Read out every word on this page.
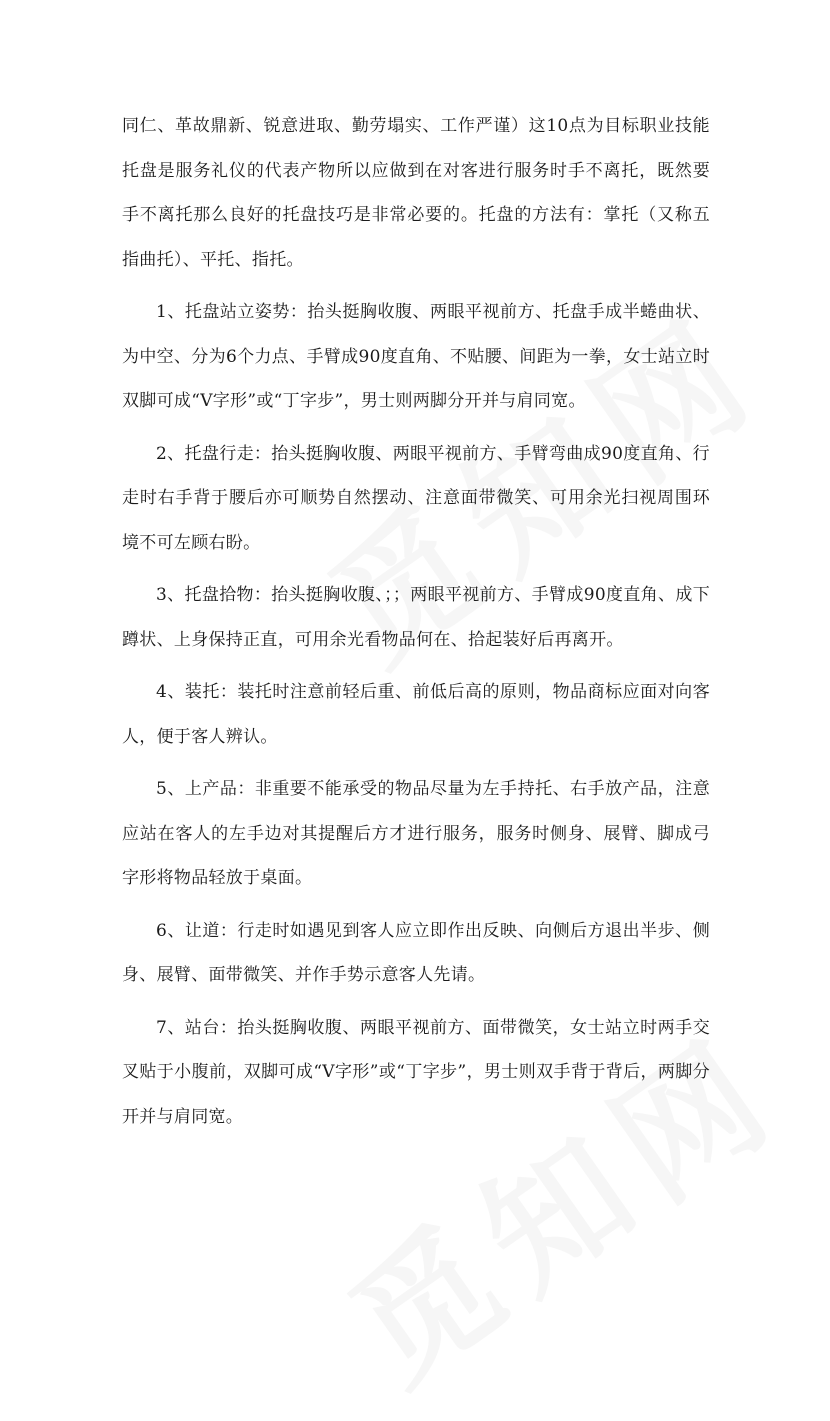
同仁、革故鼎新、锐意进取、勤劳塌实、工作严谨）这10点为目标职业技能托盘是服务礼仪的代表产物所以应做到在对客进行服务时手不离托，既然要手不离托那么良好的托盘技巧是非常必要的。托盘的方法有：掌托（又称五指曲托）、平托、指托。

1、托盘站立姿势：抬头挺胸收腹、两眼平视前方、托盘手成半蜷曲状、为中空、分为6个力点、手臂成90度直角、不贴腰、间距为一拳，女士站立时双脚可成“V字形”或“丁字步”，男士则两脚分开并与肩同宽。

2、托盘行走：抬头挺胸收腹、两眼平视前方、手臂弯曲成90度直角、行走时右手背于腰后亦可顺势自然摆动、注意面带微笑、可用余光扫视周围环境不可左顾右盼。

3、托盘拾物：抬头挺胸收腹、；；两眼平视前方、手臂成90度直角、成下蹲状、上身保持正直，可用余光看物品何在、拾起装好后再离开。

4、装托：装托时注意前轻后重、前低后高的原则，物品商标应面对向客人，便于客人辨认。

5、上产品：非重要不能承受的物品尽量为左手持托、右手放产品，注意应站在客人的左手边对其提醒后方才进行服务，服务时侧身、展臂、脚成弓字形将物品轻放于桌面。

6、让道：行走时如遇见到客人应立即作出反映、向侧后方退出半步、侧身、展臂、面带微笑、并作手势示意客人先请。

7、站台：抬头挺胸收腹、两眼平视前方、面带微笑，女士站立时两手交叉贴于小腹前，双脚可成“V字形”或“丁字步”，男士则双手背于背后，两脚分开并与肩同宽。
